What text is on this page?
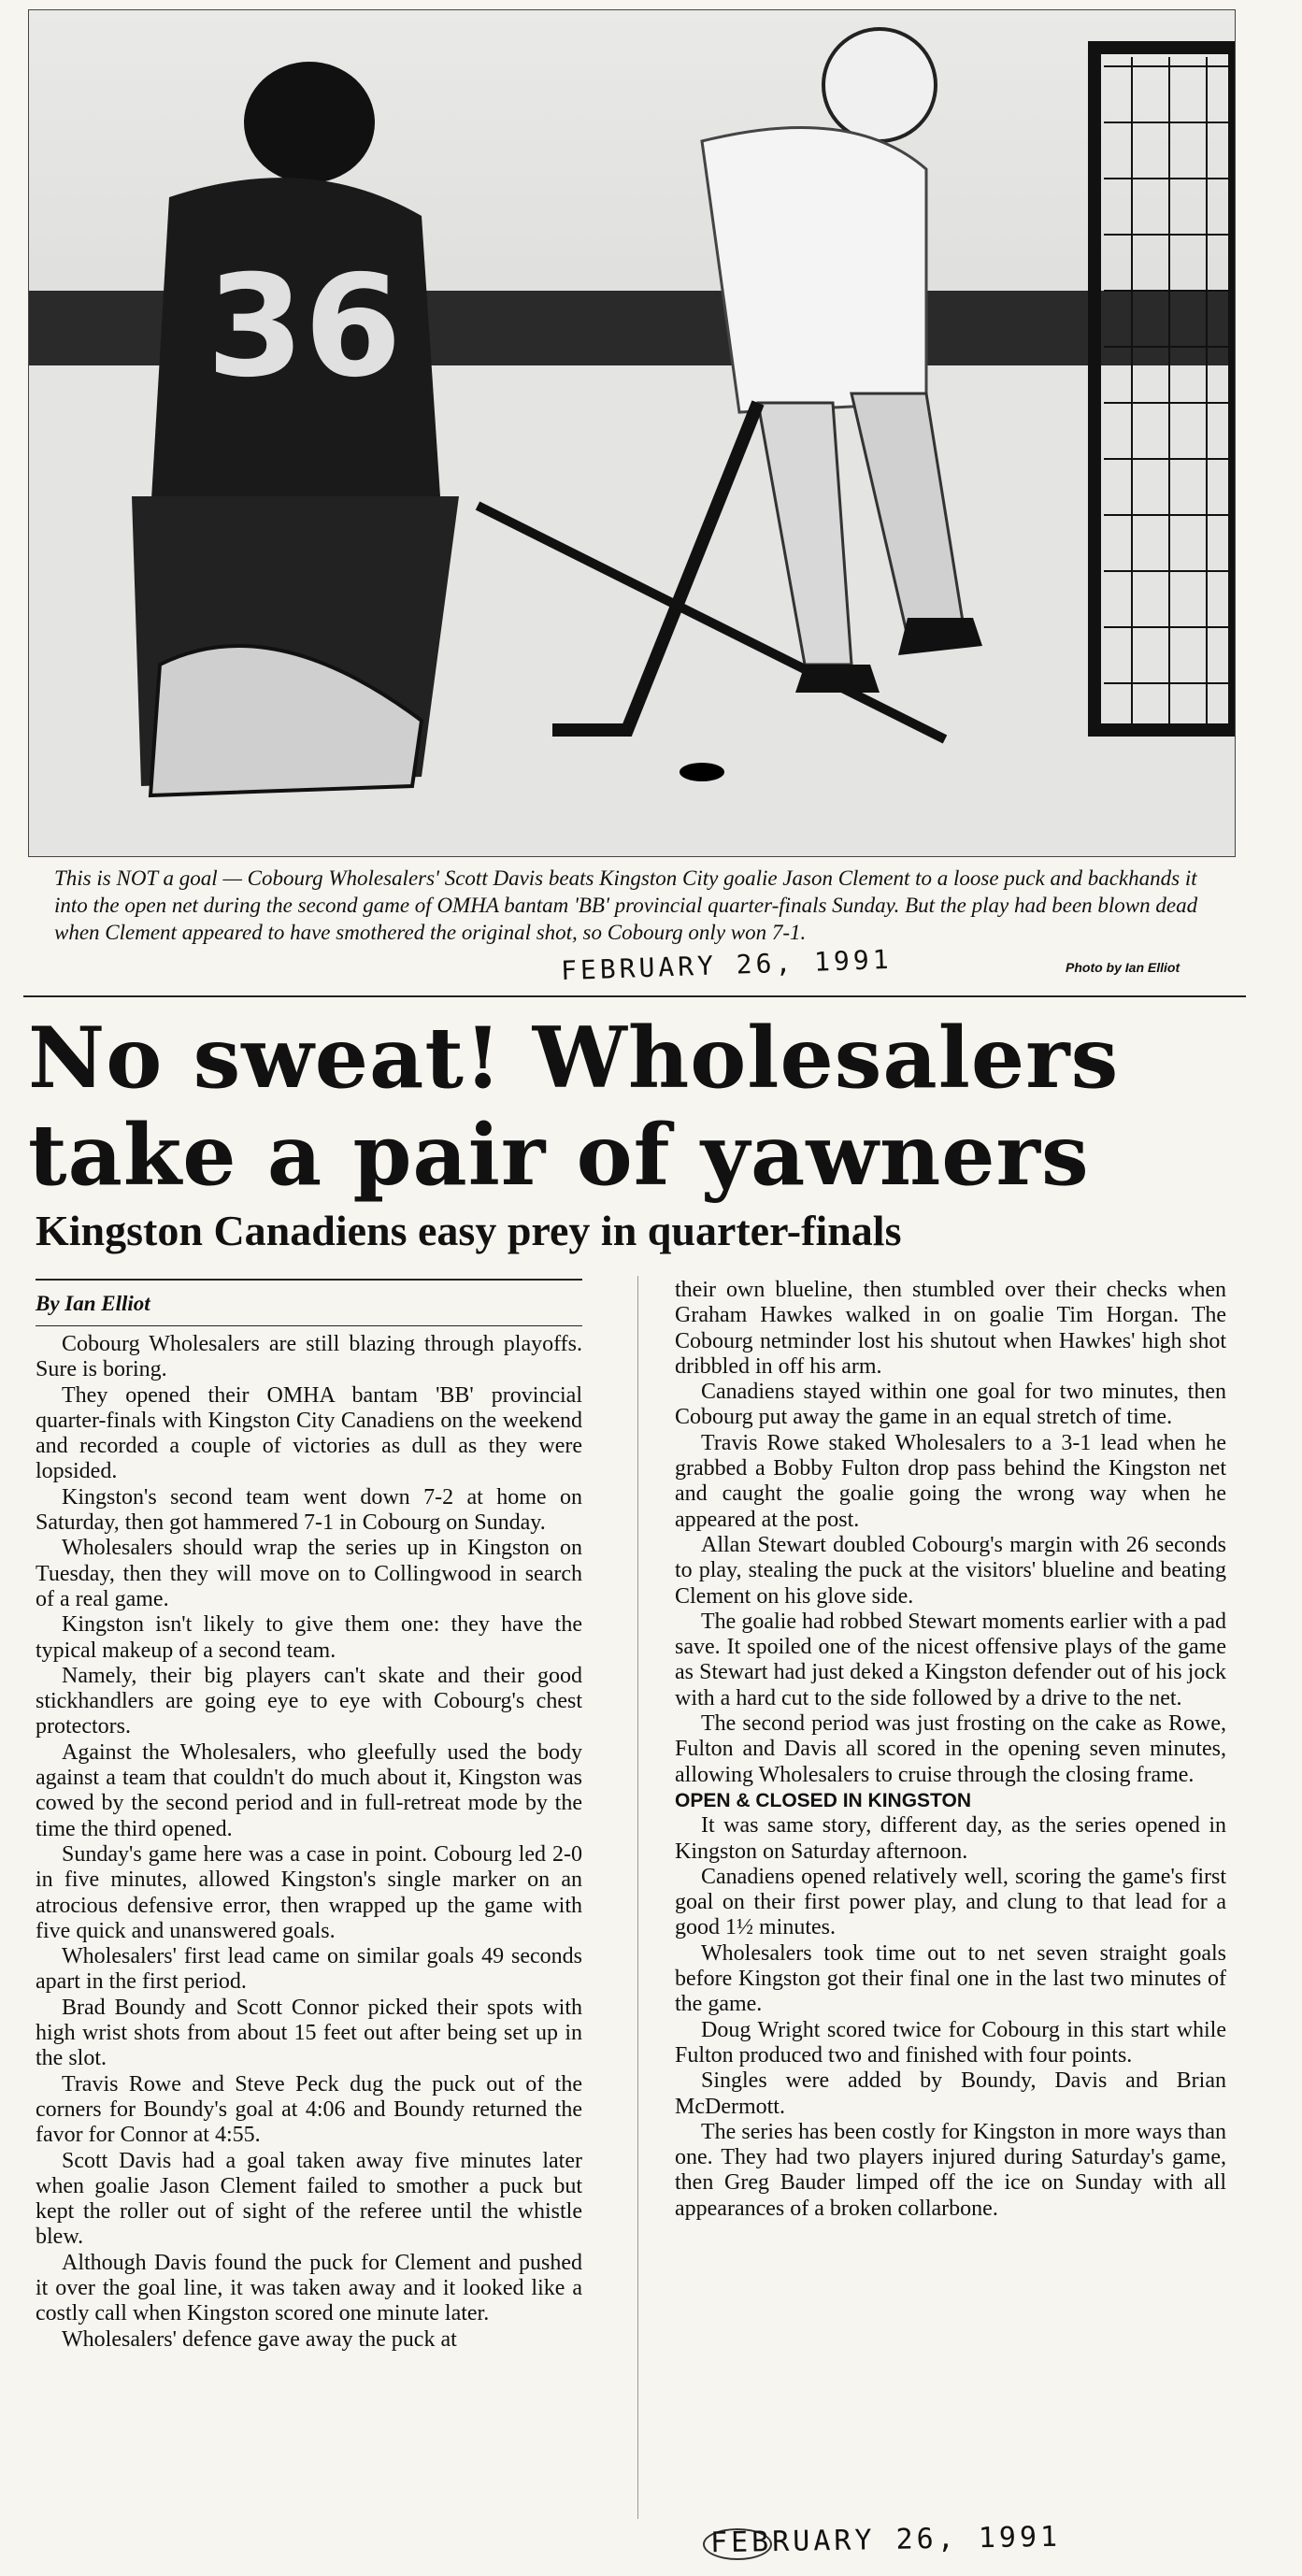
36
This is NOT a goal — Cobourg Wholesalers' Scott Davis beats Kingston City goalie Jason Clement to a loose puck and backhands it into the open net during the second game of OMHA bantam 'BB' provincial quarter-finals Sunday. But the play had been blown dead when Clement appeared to have smothered the original shot, so Cobourg only won 7-1.
FEBRUARY 26, 1991	Photo by Ian Elliot
No sweat! Wholesalers
take a pair of yawners
Kingston Canadiens easy prey in quarter-finals
By Ian Elliot

Cobourg Wholesalers are still blazing through playoffs. Sure is boring.

They opened their OMHA bantam 'BB' provincial quarter-finals with Kingston City Canadiens on the weekend and recorded a couple of victories as dull as they were lopsided.

Kingston's second team went down 7-2 at home on Saturday, then got hammered 7-1 in Cobourg on Sunday.

Wholesalers should wrap the series up in Kingston on Tuesday, then they will move on to Collingwood in search of a real game.

Kingston isn't likely to give them one: they have the typical makeup of a second team.

Namely, their big players can't skate and their good stickhandlers are going eye to eye with Cobourg's chest protectors.

Against the Wholesalers, who gleefully used the body against a team that couldn't do much about it, Kingston was cowed by the second period and in full-retreat mode by the time the third opened.

Sunday's game here was a case in point. Cobourg led 2-0 in five minutes, allowed Kingston's single marker on an atrocious defensive error, then wrapped up the game with five quick and unanswered goals.

Wholesalers' first lead came on similar goals 49 seconds apart in the first period.

Brad Boundy and Scott Connor picked their spots with high wrist shots from about 15 feet out after being set up in the slot.

Travis Rowe and Steve Peck dug the puck out of the corners for Boundy's goal at 4:06 and Boundy returned the favor for Connor at 4:55.

Scott Davis had a goal taken away five minutes later when goalie Jason Clement failed to smother a puck but kept the roller out of sight of the referee until the whistle blew.

Although Davis found the puck for Clement and pushed it over the goal line, it was taken away and it looked like a costly call when Kingston scored one minute later.

Wholesalers' defence gave away the puck at

their own blueline, then stumbled over their checks when Graham Hawkes walked in on goalie Tim Horgan. The Cobourg netminder lost his shutout when Hawkes' high shot dribbled in off his arm.

Canadiens stayed within one goal for two minutes, then Cobourg put away the game in an equal stretch of time.

Travis Rowe staked Wholesalers to a 3-1 lead when he grabbed a Bobby Fulton drop pass behind the Kingston net and caught the goalie going the wrong way when he appeared at the post.

Allan Stewart doubled Cobourg's margin with 26 seconds to play, stealing the puck at the visitors' blueline and beating Clement on his glove side.

The goalie had robbed Stewart moments earlier with a pad save. It spoiled one of the nicest offensive plays of the game as Stewart had just deked a Kingston defender out of his jock with a hard cut to the side followed by a drive to the net.

The second period was just frosting on the cake as Rowe, Fulton and Davis all scored in the opening seven minutes, allowing Wholesalers to cruise through the closing frame.

OPEN & CLOSED IN KINGSTON

It was same story, different day, as the series opened in Kingston on Saturday afternoon.

Canadiens opened relatively well, scoring the game's first goal on their first power play, and clung to that lead for a good 1½ minutes.

Wholesalers took time out to net seven straight goals before Kingston got their final one in the last two minutes of the game.

Doug Wright scored twice for Cobourg in this start while Fulton produced two and finished with four points.

Singles were added by Boundy, Davis and Brian McDermott.

The series has been costly for Kingston in more ways than one. They had two players injured during Saturday's game, then Greg Bauder limped off the ice on Sunday with all appearances of a broken collarbone.

FEBRUARY 26, 1991
